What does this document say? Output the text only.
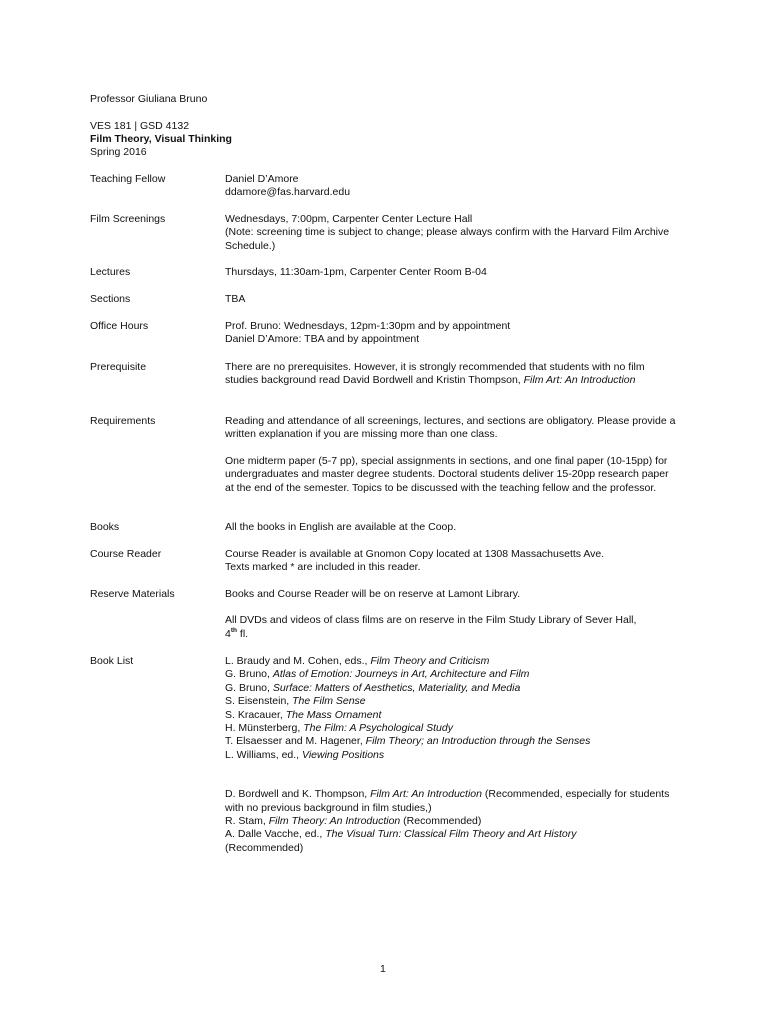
Professor Giuliana Bruno
VES 181 | GSD 4132
Film Theory, Visual Thinking
Spring 2016
Teaching Fellow	Daniel D’Amore
ddamore@fas.harvard.edu
Film Screenings	Wednesdays, 7:00pm, Carpenter Center Lecture Hall
(Note: screening time is subject to change; please always confirm with the Harvard Film Archive Schedule.)
Lectures	Thursdays, 11:30am-1pm, Carpenter Center Room B-04
Sections	TBA
Office Hours	Prof. Bruno: Wednesdays, 12pm-1:30pm and by appointment
Daniel D’Amore: TBA and by appointment
Prerequisite	There are no prerequisites. However, it is strongly recommended that students with no film studies background read David Bordwell and Kristin Thompson, Film Art: An Introduction
Requirements	Reading and attendance of all screenings, lectures, and sections are obligatory. Please provide a written explanation if you are missing more than one class.

One midterm paper (5-7 pp), special assignments in sections, and one final paper (10-15pp) for undergraduates and master degree students. Doctoral students deliver 15-20pp research paper at the end of the semester. Topics to be discussed with the teaching fellow and the professor.

Books	All the books in English are available at the Coop.
Course Reader	Course Reader is available at Gnomon Copy located at 1308 Massachusetts Ave.
Texts marked * are included in this reader.
Reserve Materials	Books and Course Reader will be on reserve at Lamont Library.
All DVDs and videos of class films are on reserve in the Film Study Library of Sever Hall,
4th fl.
Book List	L. Braudy and M. Cohen, eds., Film Theory and Criticism
G. Bruno, Atlas of Emotion: Journeys in Art, Architecture and Film
G. Bruno, Surface: Matters of Aesthetics, Materiality, and Media
S. Eisenstein, The Film Sense
S. Kracauer, The Mass Ornament
H. Münsterberg, The Film: A Psychological Study
T. Elsaesser and M. Hagener, Film Theory; an Introduction through the Senses
L. Williams, ed., Viewing Positions
D. Bordwell and K. Thompson, Film Art: An Introduction (Recommended, especially for students with no previous background in film studies,)
R. Stam, Film Theory: An Introduction (Recommended)
A. Dalle Vacche, ed., The Visual Turn: Classical Film Theory and Art History
(Recommended)
1
